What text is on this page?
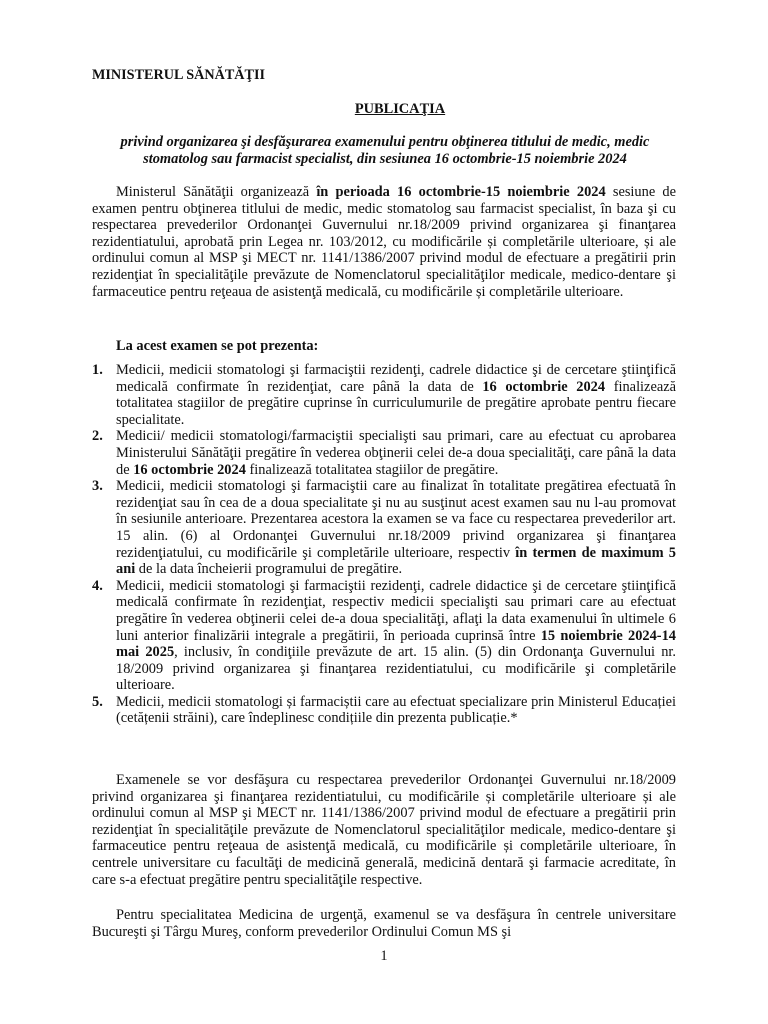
MINISTERUL SĂNĂTĂŢII
PUBLICAŢIA
privind organizarea şi desfăşurarea examenului pentru obţinerea titlului de medic, medic stomatolog sau farmacist specialist, din sesiunea 16 octombrie-15 noiembrie 2024

Ministerul Sănătăţii organizează în perioada 16 octombrie-15 noiembrie 2024 sesiune de examen pentru obţinerea titlului de medic, medic stomatolog sau farmacist specialist, în baza şi cu respectarea prevederilor Ordonanţei Guvernului nr.18/2009 privind organizarea şi finanţarea rezidentiatului, aprobată prin Legea nr. 103/2012, cu modificările și completările ulterioare, și ale ordinului comun al MSP şi MECT nr. 1141/1386/2007 privind modul de efectuare a pregătirii prin rezidenţiat în specialităţile prevăzute de Nomenclatorul specialităţilor medicale, medico-dentare şi farmaceutice pentru reţeaua de asistenţă medicală, cu modificările și completările ulterioare.

La acest examen se pot prezenta:
1. Medicii, medicii stomatologi şi farmaciştii rezidenţi, cadrele didactice şi de cercetare ştiinţifică medicală confirmate în rezidenţiat, care până la data de 16 octombrie 2024 finalizează totalitatea stagiilor de pregătire cuprinse în curriculumurile de pregătire aprobate pentru fiecare specialitate.
2. Medicii/ medicii stomatologi/farmaciştii specialişti sau primari, care au efectuat cu aprobarea Ministerului Sănătăţii pregătire în vederea obţinerii celei de-a doua specialităţi, care până la data de 16 octombrie 2024 finalizează totalitatea stagiilor de pregătire.
3. Medicii, medicii stomatologi şi farmaciştii care au finalizat în totalitate pregătirea efectuată în rezidenţiat sau în cea de a doua specialitate şi nu au susţinut acest examen sau nu l-au promovat în sesiunile anterioare. Prezentarea acestora la examen se va face cu respectarea prevederilor art. 15 alin. (6) al Ordonanţei Guvernului nr.18/2009 privind organizarea şi finanţarea rezidenţiatului, cu modificările şi completările ulterioare, respectiv în termen de maximum 5 ani de la data încheierii programului de pregătire.
4. Medicii, medicii stomatologi şi farmaciştii rezidenţi, cadrele didactice şi de cercetare ştiinţifică medicală confirmate în rezidenţiat, respectiv medicii specialişti sau primari care au efectuat pregătire în vederea obţinerii celei de-a doua specialităţi, aflaţi la data examenului în ultimele 6 luni anterior finalizării integrale a pregătirii, în perioada cuprinsă între 15 noiembrie 2024-14 mai 2025, inclusiv, în condiţiile prevăzute de art. 15 alin. (5) din Ordonanţa Guvernului nr. 18/2009 privind organizarea şi finanţarea rezidentiatului, cu modificările şi completările ulterioare.
5. Medicii, medicii stomatologi și farmaciștii care au efectuat specializare prin Ministerul Educației (cetățenii străini), care îndeplinesc condițiile din prezenta publicație.*

Examenele se vor desfăşura cu respectarea prevederilor Ordonanţei Guvernului nr.18/2009 privind organizarea şi finanţarea rezidentiatului, cu modificările și completările ulterioare și ale ordinului comun al MSP şi MECT nr. 1141/1386/2007 privind modul de efectuare a pregătirii prin rezidenţiat în specialităţile prevăzute de Nomenclatorul specialităţilor medicale, medico-dentare şi farmaceutice pentru reţeaua de asistenţă medicală, cu modificările și completările ulterioare, în centrele universitare cu facultăţi de medicină generală, medicină dentară şi farmacie acreditate, în care s-a efectuat pregătire pentru specialităţile respective.

Pentru specialitatea Medicina de urgenţă, examenul se va desfăşura în centrele universitare Bucureşti şi Târgu Mureş, conform prevederilor Ordinului Comun MS şi

1
